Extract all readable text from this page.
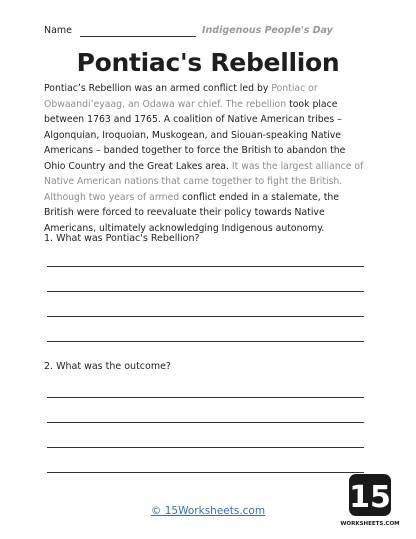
Name	Indigenous People's Day
Pontiac's Rebellion
Pontiac’s Rebellion was an armed conflict led by Pontiac or
Obwaandi’eyaag, an Odawa war chief. The rebellion took place
between 1763 and 1765. A coalition of Native American tribes –
Algonquian, Iroquoian, Muskogean, and Siouan-speaking Native
Americans – banded together to force the British to abandon the
Ohio Country and the Great Lakes area. It was the largest alliance of
Native American nations that came together to fight the British.
Although two years of armed conflict ended in a stalemate, the
British were forced to reevaluate their policy towards Native
Americans, ultimately acknowledging Indigenous autonomy.
1. What was Pontiac's Rebellion?
2. What was the outcome?
© 15Worksheets.com	15
WORKSHEETS.COM
